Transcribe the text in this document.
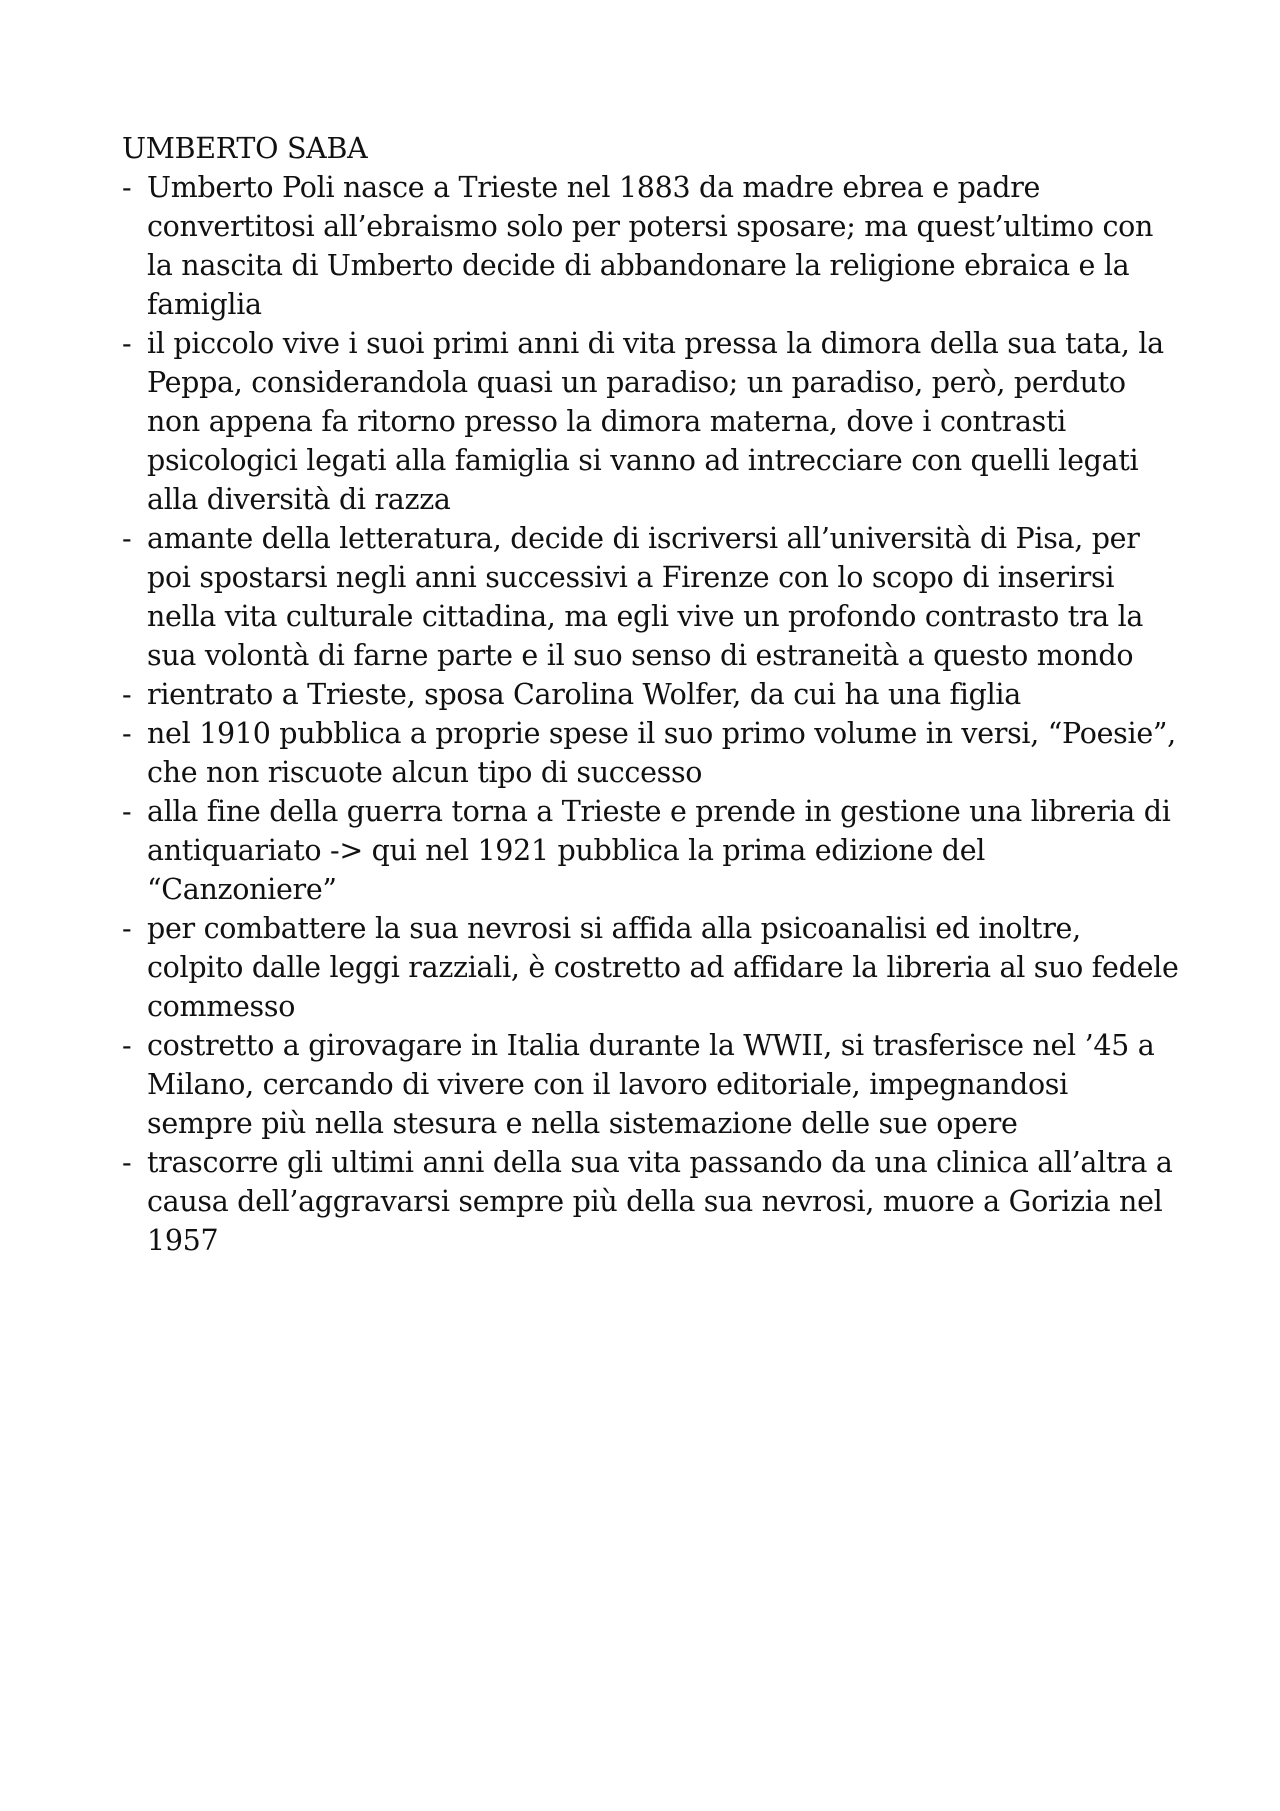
UMBERTO SABA
- Umberto Poli nasce a Trieste nel 1883 da madre ebrea e padre convertitosi all’ebraismo solo per potersi sposare; ma quest’ultimo con la nascita di Umberto decide di abbandonare la religione ebraica e la famiglia
- il piccolo vive i suoi primi anni di vita pressa la dimora della sua tata, la Peppa, considerandola quasi un paradiso; un paradiso, però, perduto non appena fa ritorno presso la dimora materna, dove i contrasti psicologici legati alla famiglia si vanno ad intrecciare con quelli legati alla diversità di razza
- amante della letteratura, decide di iscriversi all’università di Pisa, per poi spostarsi negli anni successivi a Firenze con lo scopo di inserirsi nella vita culturale cittadina, ma egli vive un profondo contrasto tra la sua volontà di farne parte e il suo senso di estraneità a questo mondo
- rientrato a Trieste, sposa Carolina Wolfer, da cui ha una figlia
- nel 1910 pubblica a proprie spese il suo primo volume in versi, “Poesie”, che non riscuote alcun tipo di successo
- alla fine della guerra torna a Trieste e prende in gestione una libreria di antiquariato -> qui nel 1921 pubblica la prima edizione del “Canzoniere”
- per combattere la sua nevrosi si affida alla psicoanalisi ed inoltre, colpito dalle leggi razziali, è costretto ad affidare la libreria al suo fedele commesso
- costretto a girovagare in Italia durante la WWII, si trasferisce nel ’45 a Milano, cercando di vivere con il lavoro editoriale, impegnandosi sempre più nella stesura e nella sistemazione delle sue opere
- trascorre gli ultimi anni della sua vita passando da una clinica all’altra a causa dell’aggravarsi sempre più della sua nevrosi, muore a Gorizia nel 1957
